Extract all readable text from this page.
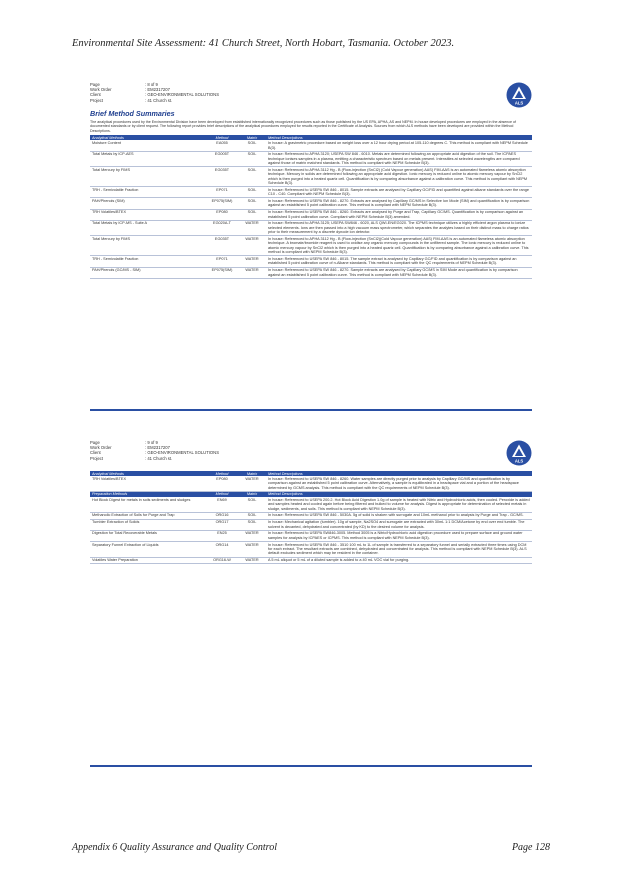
Environmental Site Assessment: 41 Church Street, North Hobart, Tasmania. October 2023.
Page	: 8 of 9
Work Order	: EM2317207
Client	: GEO-ENVIRONMENTAL SOLUTIONS
Project	: 41 Church st.
ALS
Brief Method Summaries
The analytical procedures used by the Environmental Division have been developed from established internationally recognized procedures such as those published by the US EPA, APHA, AS and NEPM. In house developed procedures are employed in the absence of documented standards or by client request. The following report provides brief descriptions of the analytical procedures employed for results reported in the Certificate of Analysis. Sources from which ALS methods have been developed are provided within the Method Descriptions.
Analytical Methods	Method	Matrix	Method Descriptions
Moisture Content	EA055	SOIL	In house: A gravimetric procedure based on weight loss over a 12 hour drying period at 105-110 degrees C. This method is compliant with NEPM Schedule B(3).
Total Metals by ICP-AES	EG005T	SOIL	In house: Referenced to APHA 3120; USEPA SW 846 - 6010. Metals are determined following an appropriate acid digestion of the soil. The ICPAES technique ionises samples in a plasma, emitting a characteristic spectrum based on metals present. Intensities at selected wavelengths are compared against those of matrix matched standards. This method is compliant with NEPM Schedule B(3).
Total Mercury by FIMS	EG035T	SOIL	In house: Referenced to APHA 3112 Hg - B (Flow-injection (SnCl2) (Cold Vapour generation) AAS) FIM-AAS is an automated flameless atomic absorption technique. Mercury in solids are determined following an appropriate acid digestion. Ionic mercury is reduced online to atomic mercury vapour by SnCl2 which is then purged into a heated quartz cell. Quantification is by comparing absorbance against a calibration curve. This method is compliant with NEPM Schedule B(3).
TRH - Semivolatile Fraction	EP071	SOIL	In house: Referenced to USEPA SW 846 - 8015. Sample extracts are analysed by Capillary GC/FID and quantified against alkane standards over the range C10 - C40. Compliant with NEPM Schedule B(3).
PAH/Phenols (SIM)	EP075(SIM)	SOIL	In house: Referenced to USEPA SW 846 - 8270. Extracts are analysed by Capillary GC/MS in Selective Ion Mode (SIM) and quantification is by comparison against an established 5 point calibration curve. This method is compliant with NEPM Schedule B(3).
TRH Volatiles/BTEX	EP080	SOIL	In house: Referenced to USEPA SW 846 - 8260. Extracts are analysed by Purge and Trap, Capillary GC/MS. Quantification is by comparison against an established 5 point calibration curve. Compliant with NEPM Schedule B(3) amended.
Total Metals by ICP-MS - Suite A	EG020A-T	WATER	In house: Referenced to APHA 3125; USEPA SW846 - 6020, ALS QWI-EN/EG020. The ICPMS technique utilizes a highly efficient argon plasma to ionize selected elements. Ions are then passed into a high vacuum mass spectrometer, which separates the analytes based on their distinct mass to charge ratios prior to their measurement by a discrete dynode ion detector.
Total Mercury by FIMS	EG035T	WATER	In house: Referenced to APHA 3112 Hg - B (Flow-injection (SnCl2)(Cold Vapour generation) AAS) FIM-AAS is an automated flameless atomic absorption technique. A bromate/bromide reagent is used to oxidise any organic mercury compounds in the unfiltered sample. The ionic mercury is reduced online to atomic mercury vapour by SnCl2 which is then purged into a heated quartz cell. Quantification is by comparing absorbance against a calibration curve. This method is compliant with NEPM Schedule B(3).
TRH - Semivolatile Fraction	EP071	WATER	In house: Referenced to USEPA SW 846 - 8015. The sample extract is analysed by Capillary GC/FID and quantification is by comparison against an established 5 point calibration curve of n-Alkane standards. This method is compliant with the QC requirements of NEPM Schedule B(3).
PAH/Phenols (GC/MS - SIM)	EP075(SIM)	WATER	In house: Referenced to USEPA SW 846 - 8270. Sample extracts are analysed by Capillary GC/MS in SIM Mode and quantification is by comparison against an established 5 point calibration curve. This method is compliant with NEPM Schedule B(3).
Page	: 9 of 9
Work Order	: EM2317207
Client	: GEO-ENVIRONMENTAL SOLUTIONS
Project	: 41 Church st.
ALS
Analytical Methods	Method	Matrix	Method Descriptions
TRH Volatiles/BTEX	EP080	WATER	In house: Referenced to USEPA SW 846 - 8260. Water samples are directly purged prior to analysis by Capillary GC/MS and quantification is by comparison against an established 5 point calibration curve. Alternatively, a sample is equilibrated in a headspace vial and a portion of the headspace determined by GCMS analysis. This method is compliant with the QC requirements of NEPM Schedule B(3).
Preparation Methods	Method	Matrix	Method Descriptions
Hot Block Digest for metals in soils sediments and sludges	EN69	SOIL	In house: Referenced to USEPA 200.2. Hot Block Acid Digestion 1.0g of sample is heated with Nitric and Hydrochloric acids, then cooled. Peroxide is added and samples heated and cooled again before being filtered and bulked to volume for analysis. Digest is appropriate for determination of selected metals in sludge, sediments, and soils. This method is compliant with NEPM Schedule B(3).
Methanolic Extraction of Soils for Purge and Trap	ORG16	SOIL	In house: Referenced to USEPA SW 846 - 5030A. 5g of solid is shaken with surrogate and 10mL methanol prior to analysis by Purge and Trap - GC/MS.
Tumbler Extraction of Solids	ORG17	SOIL	In house: Mechanical agitation (tumbler). 10g of sample, Na2SO4 and surrogate are extracted with 30mL 1:1 DCM/Acetone by end over end tumble. The solvent is decanted, dehydrated and concentrated (by KD) to the desired volume for analysis.
Digestion for Total Recoverable Metals	EN25	WATER	In house: Referenced to USEPA SW846-3005. Method 3005 is a Nitric/Hydrochloric acid digestion procedure used to prepare surface and ground water samples for analysis by ICPAES or ICPMS. This method is compliant with NEPM Schedule B(3).
Separatory Funnel Extraction of Liquids	ORG14	WATER	In house: Referenced to USEPA SW 846 - 3510 100 mL to 1L of sample is transferred to a separatory funnel and serially extracted three times using DCM for each extract. The resultant extracts are combined, dehydrated and concentrated for analysis. This method is compliant with NEPM Schedule B(3). ALS default excludes sediment which may be resident in the container.
Volatiles Water Preparation	ORG16-W	WATER	A 5 mL aliquot or 5 mL of a diluted sample is added to a 40 mL VOC vial for purging.
Appendix 6 Quality Assurance and Quality Control	Page 128
